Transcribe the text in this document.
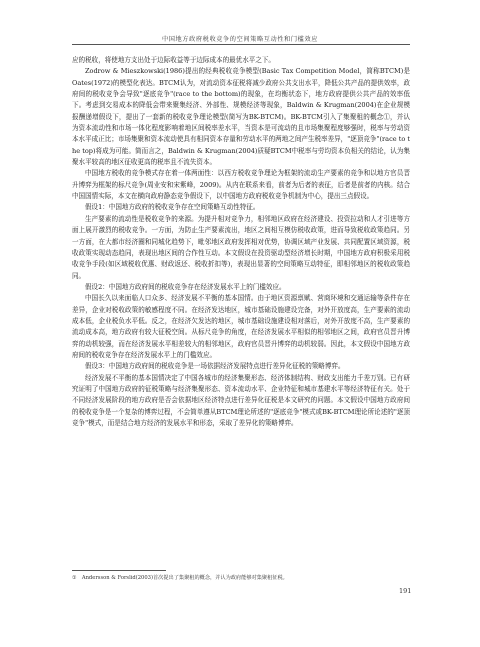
中国地方政府税收竞争的空间策略互动性和门槛效应

应的税收，将使地方支出处于边际收益等于边际成本的最优水平之下。

Zodrow & Mieszkowski(1986)提出的经典税收竞争模型(Basic Tax Competition Model，简称BTCM)是Oates(1972)的模型化表达。BTCM认为，对流动资本征税将减少政府公共支出水平，降低公共产品的提供效率，政府间的税收竞争会导致"逐底竞争"(race to the bottom)的现象，在均衡状态下，地方政府提供公共产品的效率低下。考虑到交易成本的降低会带来聚集经济、外部性、规模经济等现象，Baldwin & Krugman(2004)在企业规模报酬递增假设下，提出了一套新的税收竞争理论模型(简写为BK-BTCM)。BK-BTCM引入了集聚租的概念①，并认为资本流动性和市场一体化程度影响着地区间税率差水平，当资本是可流动的且市场集聚程度够强时，税率与劳动资本水平成正比；市场集聚和资本流动使具有相同资本存量和劳动水平的两地之间产生税率差异，"逐顶竞争"(race to the top)将成为可能。简而言之，Baldwin & Krugman(2004)质疑BTCM中税率与劳均资本负相关的结论，认为集聚水平较高的地区征收更高的税率且不流失资本。

中国地方税收的竞争模式存在着一体两面性：以西方税收竞争理论为框架的流动生产要素的竞争和以地方官员晋升博弈为框架的标尺竞争(周业安和宋紫峰，2009)。从内在联系来看，前者为后者的表征，后者是前者的内核。结合中国国情实际，本文在横向政府静态竞争假设下，以中国地方政府税收竞争机制为中心，提出三点假设。

假设1：中国地方政府的税收竞争存在空间策略互动性特征。

生产要素的流动性是税收竞争的来源。为提升相对竞争力，相邻地区政府在经济建设、投资拉动和人才引进等方面上展开激烈的税收竞争。一方面，为防止生产要素流出，地区之间相互模仿税收政策，进而导致税收政策趋同。另一方面，在大都市经济圈和同城化趋势下，毗邻地区政府发挥相对优势，协调区域产业发展、共同配置区域资源，税收政策实现动态趋同，表现出地区间的合作性互动。本文假设在投资驱动型经济增长时期，中国地方政府积极采用税收竞争手段(如区域税收优惠、财政返还、税收折扣等)，表现出显著的空间策略互动特征，即相邻地区的税收政策趋同。

假设2：中国地方政府间的税收竞争存在经济发展水平上的门槛效应。

中国长久以来面临人口众多、经济发展不平衡的基本国情。由于地区资源禀赋、营商环境和交通运输等条件存在差异，企业对税收政策的敏感程度不同。在经济发达地区，城市基础设施建设完备，对外开放度高，生产要素的流动成本低，企业税负水平低。反之，在经济欠发达的地区，城市基础设施建设相对落后，对外开放度不高，生产要素的流动成本高，地方政府有较大征税空间。从标尺竞争的角度，在经济发展水平相似的相邻地区之间，政府官员晋升博弈的动机较强，而在经济发展水平相差较大的相邻地区，政府官员晋升博弈的动机较弱。因此，本文假设中国地方政府间的税收竞争存在经济发展水平上的门槛效应。

假设3：中国地方政府间的税收竞争是一场依据经济发展特点进行差异化征税的策略博弈。

经济发展不平衡的基本国情决定了中国各城市的经济集聚形态、经济体制结构、财政支出能力千差万别。已有研究证明了中国地方政府的征税策略与经济集聚形态、资本流动水平、企业特征和城市基建水平等经济特征有关。处于不同经济发展阶段的地方政府是否会依据地区经济特点进行差异化征税是本文研究的问题。本文假设中国地方政府间的税收竞争是一个复杂的博弈过程，不会简单遵从BTCM理论所述的"逐底竞争"模式或BK-BTCM理论所论述的"逐顶竞争"模式，而是结合地方经济的发展水平和形态，采取了差异化的策略博弈。

①　Andersson & Forslid(2003)首次提出了集聚租的概念，并认为政府能够对集聚租征税。
191
